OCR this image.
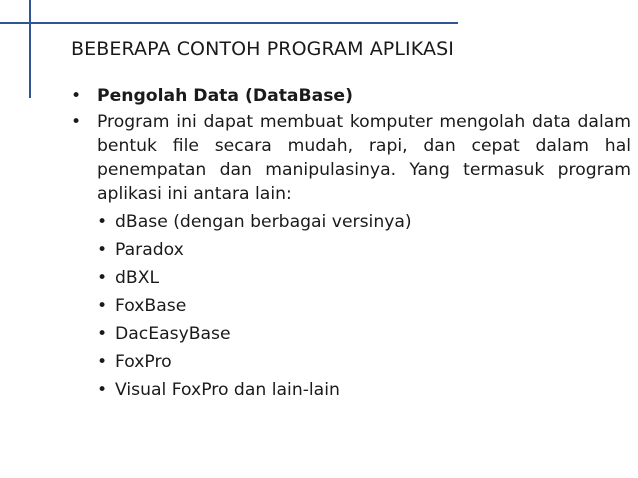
BEBERAPA CONTOH PROGRAM APLIKASI
• Pengolah Data (DataBase)
• Program ini dapat membuat komputer mengolah data dalam bentuk file secara mudah, rapi, dan cepat dalam hal penempatan dan manipulasinya. Yang termasuk program aplikasi ini antara lain:
• dBase (dengan berbagai versinya)
• Paradox
• dBXL
• FoxBase
• DacEasyBase
• FoxPro
• Visual FoxPro dan lain-lain
